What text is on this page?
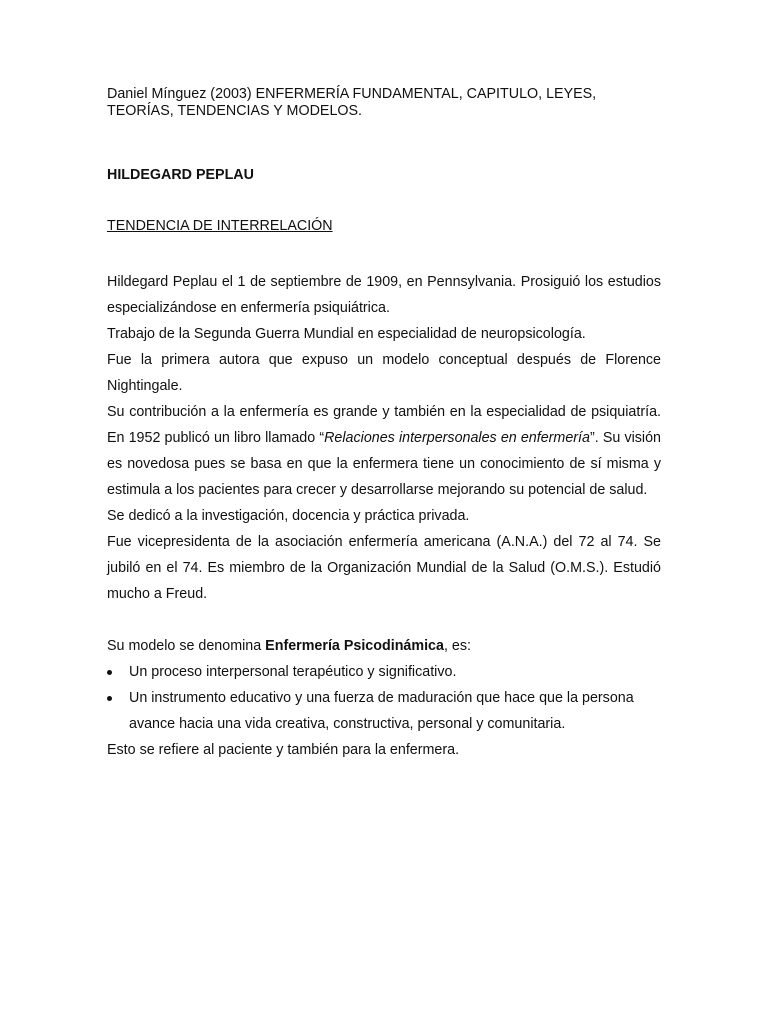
Daniel Mínguez (2003) ENFERMERÍA FUNDAMENTAL, CAPITULO, LEYES, TEORÍAS, TENDENCIAS Y MODELOS.

HILDEGARD PEPLAU

TENDENCIA DE INTERRELACIÓN

Hildegard Peplau el 1 de septiembre de 1909, en Pennsylvania. Prosiguió los estudios especializándose en enfermería psiquiátrica.

Trabajo de la Segunda Guerra Mundial en especialidad de neuropsicología.

Fue la primera autora que expuso un modelo conceptual después de Florence Nightingale.

Su contribución a la enfermería es grande y también en la especialidad de psiquiatría. En 1952 publicó un libro llamado “Relaciones interpersonales en enfermería”. Su visión es novedosa pues se basa en que la enfermera tiene un conocimiento de sí misma y estimula a los pacientes para crecer y desarrollarse mejorando su potencial de salud.

Se dedicó a la investigación, docencia y práctica privada.

Fue vicepresidenta de la asociación enfermería americana (A.N.A.) del 72 al 74. Se jubiló en el 74. Es miembro de la Organización Mundial de la Salud (O.M.S.). Estudió mucho a Freud.

Su modelo se denomina Enfermería Psicodinámica, es:

Un proceso interpersonal terapéutico y significativo.
Un instrumento educativo y una fuerza de maduración que hace que la persona avance hacia una vida creativa, constructiva, personal y comunitaria.

Esto se refiere al paciente y también para la enfermera.
